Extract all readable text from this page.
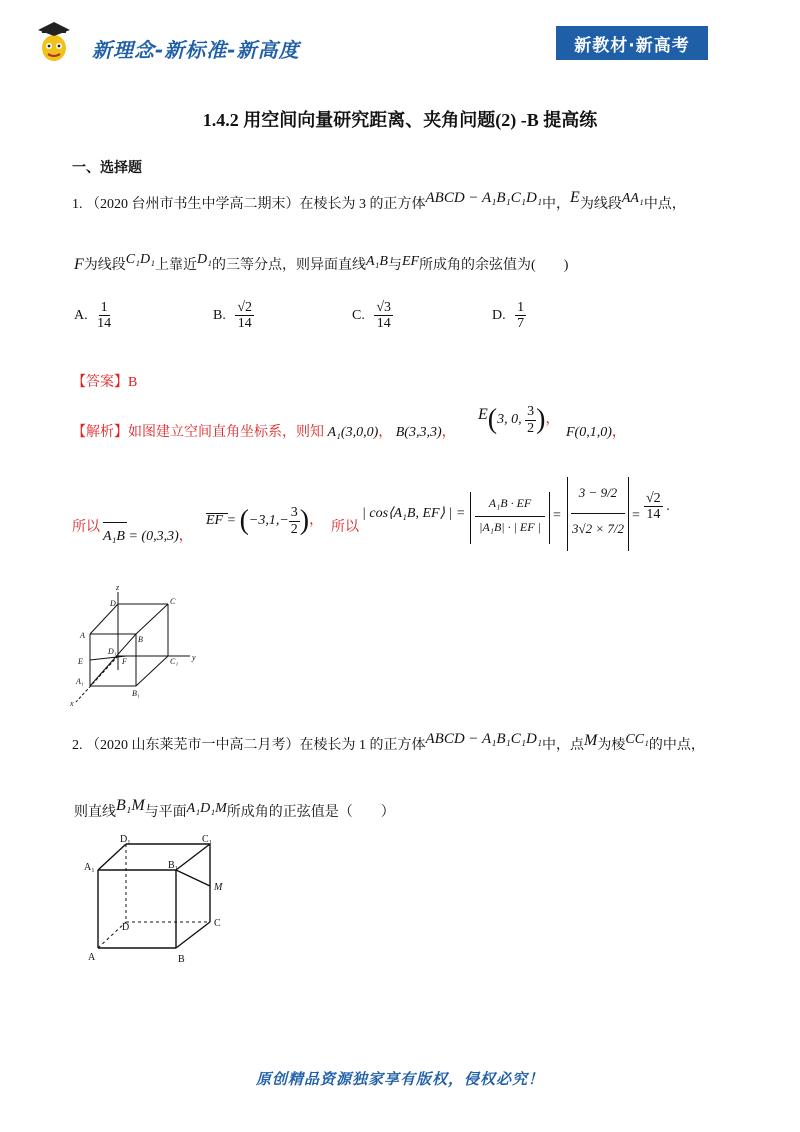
新理念-新标准-新高度	新教材·新高考
1.4.2 用空间向量研究距离、夹角问题(2) -B 提高练
一、选择题
1. （2020 台州市书生中学高二期末）在棱长为 3 的正方体ABCD − A₁B₁C₁D₁中，E为线段AA₁中点，
F为线段C₁D₁上靠近D₁的三等分点，则异面直线A₁B与EF所成角的余弦值为(　　)
A. $\frac{1}{14}$	B. $\frac{√2}{14}$	C. $\frac{√3}{14}$	D. $\frac{1}{7}$
【答案】B
【解析】如图建立空间直角坐标系，则知 A₁(3,0,0)， B(3,3,3)，
E(3, 0, $\frac{3}{2}$ )，
F(0,1,0)，
所以
A₁B = (0,3,3)，
EF = ($-3,1,- \frac{3}{2}$ )， 所以
| cos⟨A₁B, EF⟩ | =
A₁B · EF
|A₁B| · | EF |
=
3 − 9/2
3√2 × 7/2
= $\frac{√2}{14}$ .
z
D	C
A	B
D₁
F	C₁ y
E
A₁
B₁
x
2. （2020 山东莱芜市一中高二月考）在棱长为 1 的正方体ABCD − A₁B₁C₁D₁中，点M为棱CC₁的中点，
则直线B₁M与平面A₁D₁M所成角的正弦值是（　　）
D₁	C₁
A₁	B₁
M
D	C
A	B
原创精品资源独家享有版权，侵权必究！
